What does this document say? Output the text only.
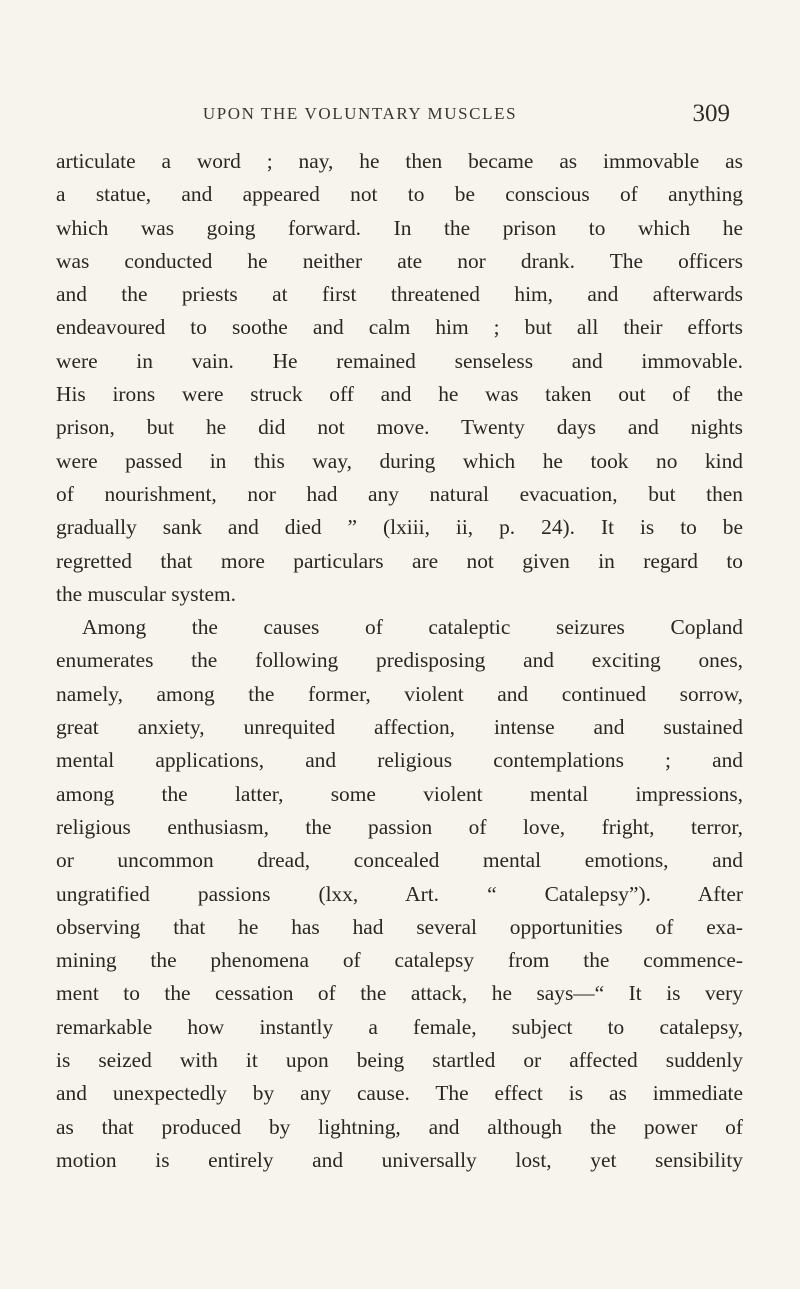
UPON THE VOLUNTARY MUSCLES	309
articulate a word ; nay, he then became as immovable as
a statue, and appeared not to be conscious of anything
which was going forward. In the prison to which he
was conducted he neither ate nor drank. The officers
and the priests at first threatened him, and afterwards
endeavoured to soothe and calm him ; but all their efforts
were in vain. He remained senseless and immovable.
His irons were struck off and he was taken out of the
prison, but he did not move. Twenty days and nights
were passed in this way, during which he took no kind
of nourishment, nor had any natural evacuation, but then
gradually sank and died ” (lxiii, ii, p. 24). It is to be
regretted that more particulars are not given in regard to
the muscular system.
Among the causes of cataleptic seizures Copland
enumerates the following predisposing and exciting ones,
namely, among the former, violent and continued sorrow,
great anxiety, unrequited affection, intense and sustained
mental applications, and religious contemplations ; and
among the latter, some violent mental impressions,
religious enthusiasm, the passion of love, fright, terror,
or uncommon dread, concealed mental emotions, and
ungratified passions (lxx, Art. “ Catalepsy”). After
observing that he has had several opportunities of exa-
mining the phenomena of catalepsy from the commence-
ment to the cessation of the attack, he says—“ It is very
remarkable how instantly a female, subject to catalepsy,
is seized with it upon being startled or affected suddenly
and unexpectedly by any cause. The effect is as immediate
as that produced by lightning, and although the power of
motion is entirely and universally lost, yet sensibility
